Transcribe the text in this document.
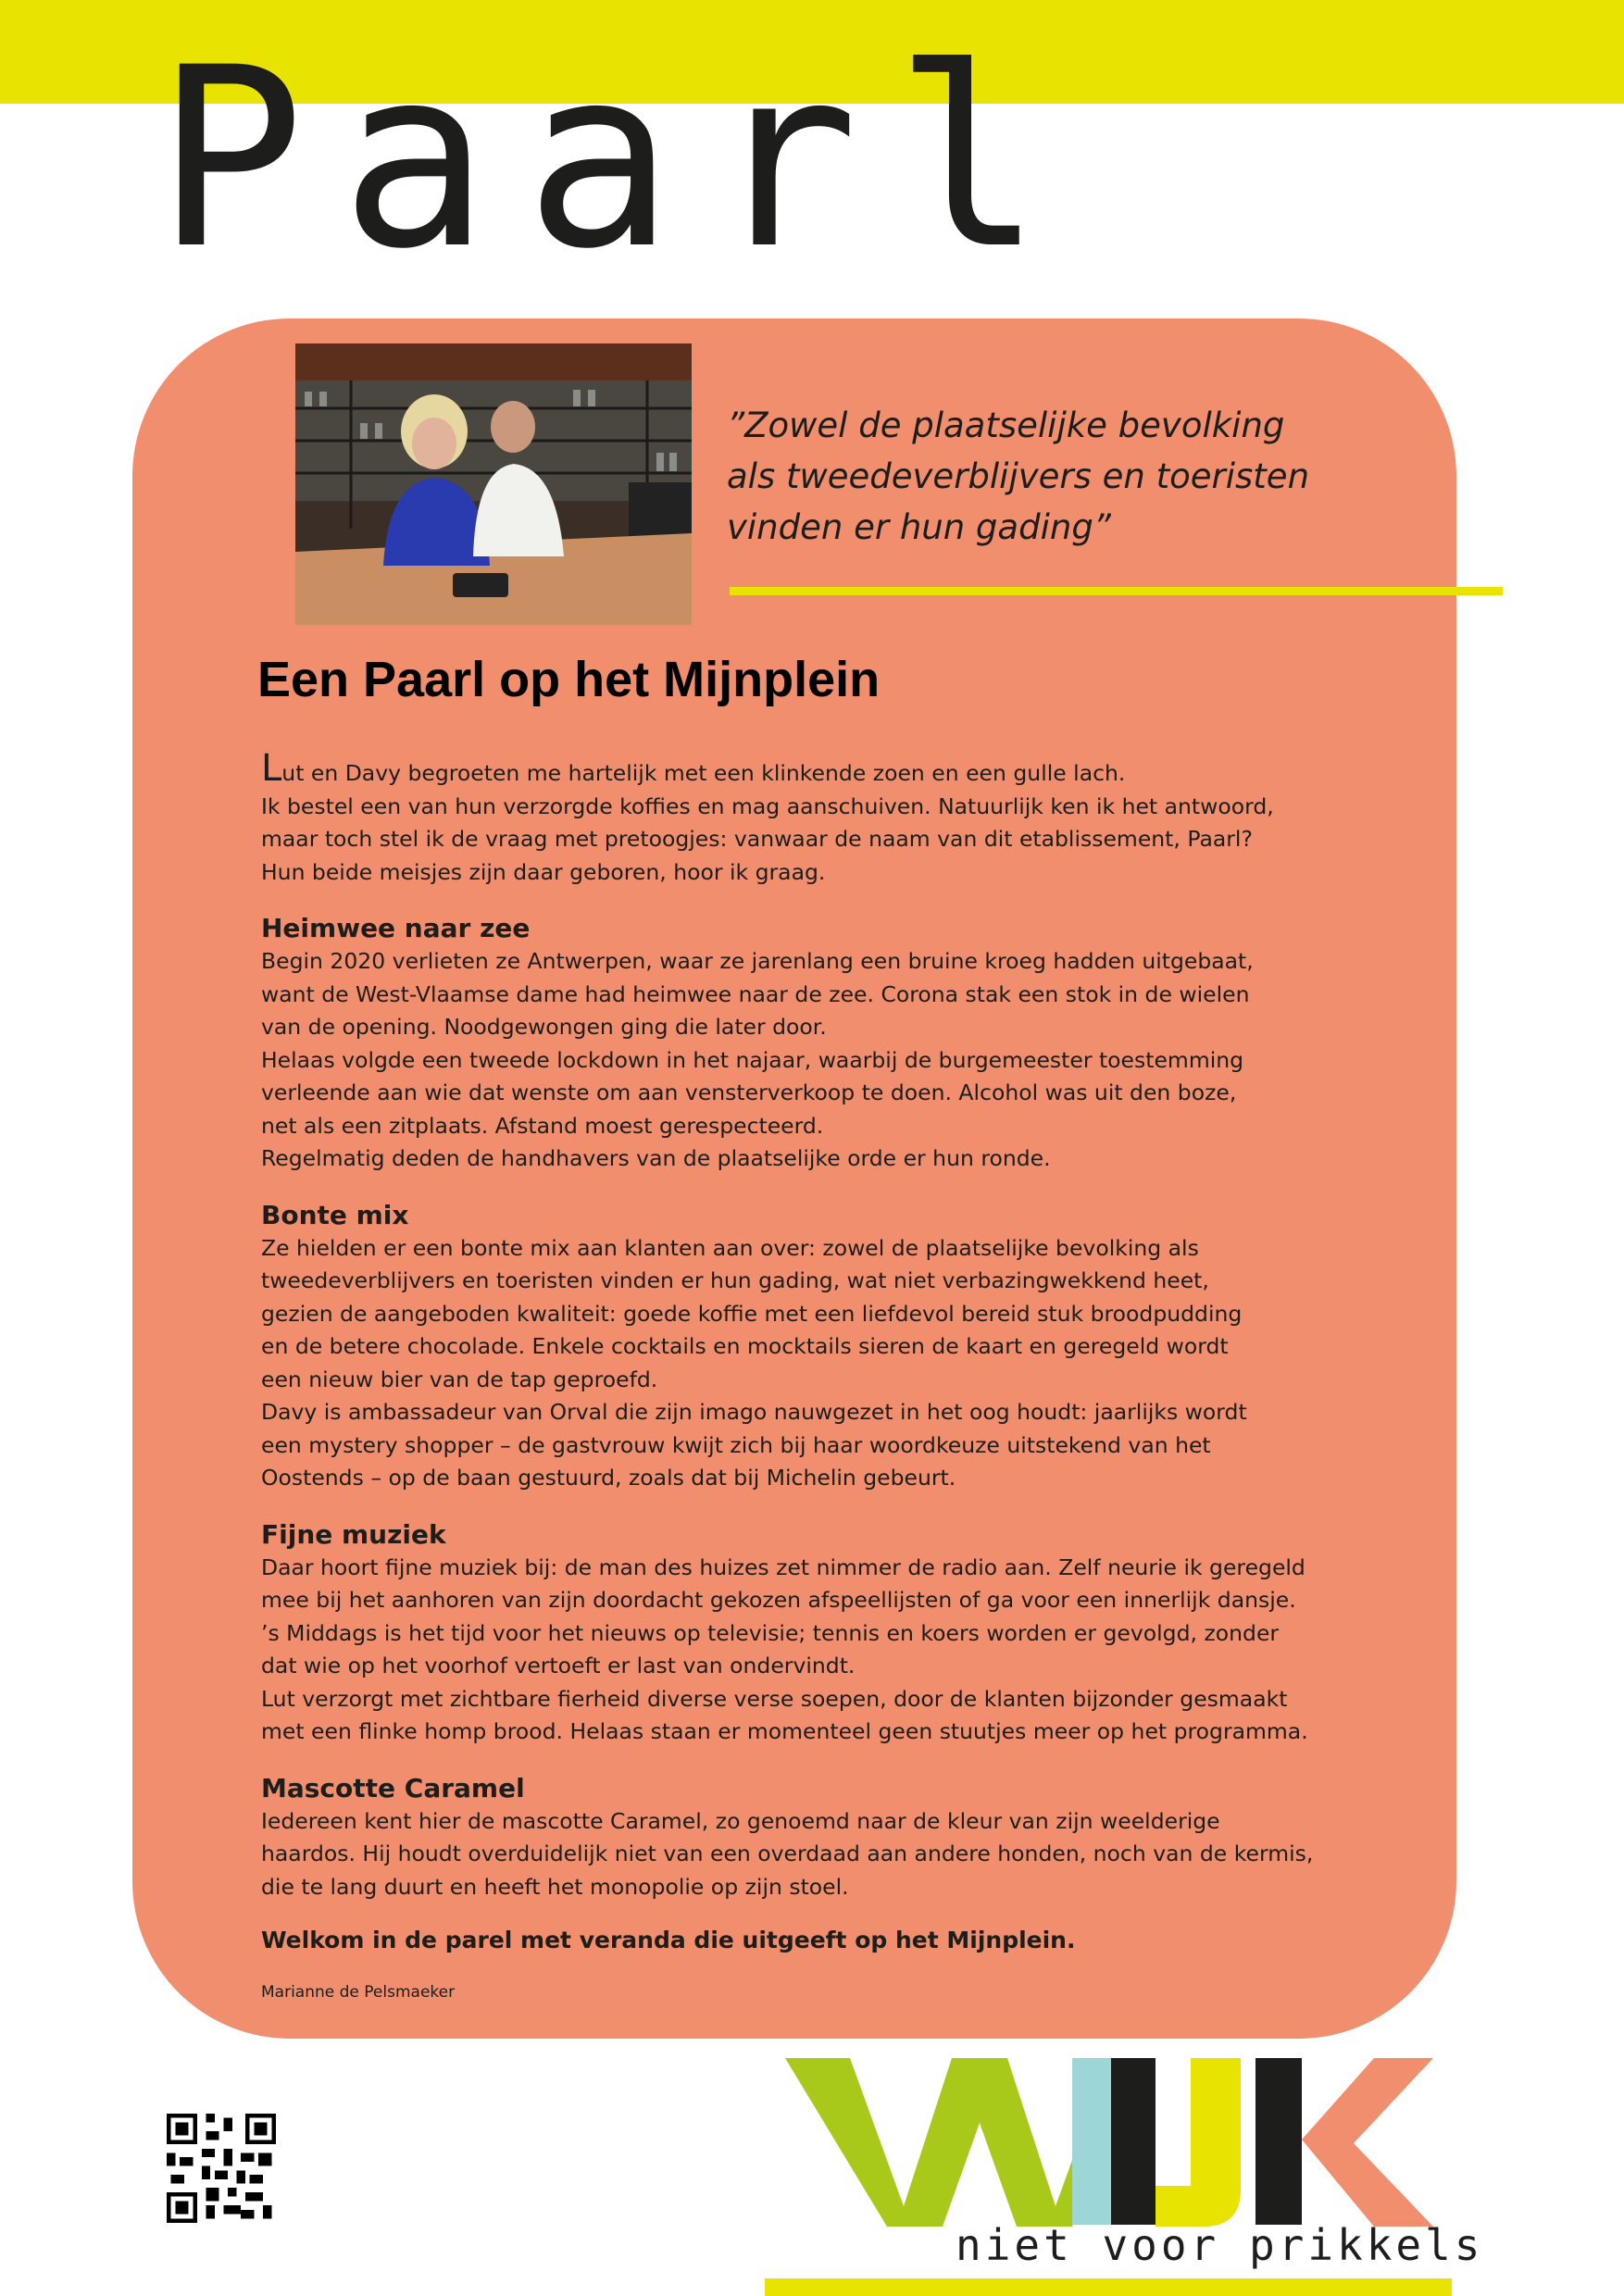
Paarl

”Zowel de plaatselijke bevolking
als tweedeverblijvers en toeristen
vinden er hun gading”

Een Paarl op het Mijnplein

Lut en Davy begroeten me hartelijk met een klinkende zoen en een gulle lach.
Ik bestel een van hun verzorgde koffies en mag aanschuiven. Natuurlijk ken ik het antwoord,
maar toch stel ik de vraag met pretoogjes: vanwaar de naam van dit etablissement, Paarl?
Hun beide meisjes zijn daar geboren, hoor ik graag.

Heimwee naar zee

Begin 2020 verlieten ze Antwerpen, waar ze jarenlang een bruine kroeg hadden uitgebaat,
want de West-Vlaamse dame had heimwee naar de zee. Corona stak een stok in de wielen
van de opening. Noodgewongen ging die later door.
Helaas volgde een tweede lockdown in het najaar, waarbij de burgemeester toestemming
verleende aan wie dat wenste om aan vensterverkoop te doen. Alcohol was uit den boze,
net als een zitplaats. Afstand moest gerespecteerd.
Regelmatig deden de handhavers van de plaatselijke orde er hun ronde.

Bonte mix

Ze hielden er een bonte mix aan klanten aan over: zowel de plaatselijke bevolking als
tweedeverblijvers en toeristen vinden er hun gading, wat niet verbazingwekkend heet,
gezien de aangeboden kwaliteit: goede koffie met een liefdevol bereid stuk broodpudding
en de betere chocolade. Enkele cocktails en mocktails sieren de kaart en geregeld wordt
een nieuw bier van de tap geproefd.
Davy is ambassadeur van Orval die zijn imago nauwgezet in het oog houdt: jaarlijks wordt
een mystery shopper – de gastvrouw kwijt zich bij haar woordkeuze uitstekend van het
Oostends – op de baan gestuurd, zoals dat bij Michelin gebeurt.

Fijne muziek

Daar hoort fijne muziek bij: de man des huizes zet nimmer de radio aan. Zelf neurie ik geregeld
mee bij het aanhoren van zijn doordacht gekozen afspeellijsten of ga voor een innerlijk dansje.
’s Middags is het tijd voor het nieuws op televisie; tennis en koers worden er gevolgd, zonder
dat wie op het voorhof vertoeft er last van ondervindt.
Lut verzorgt met zichtbare fierheid diverse verse soepen, door de klanten bijzonder gesmaakt
met een flinke homp brood. Helaas staan er momenteel geen stuutjes meer op het programma.

Mascotte Caramel

Iedereen kent hier de mascotte Caramel, zo genoemd naar de kleur van zijn weelderige
haardos. Hij houdt overduidelijk niet van een overdaad aan andere honden, noch van de kermis,
die te lang duurt en heeft het monopolie op zijn stoel.

Welkom in de parel met veranda die uitgeeft op het Mijnplein.

Marianne de Pelsmaeker

niet voor prikkels
